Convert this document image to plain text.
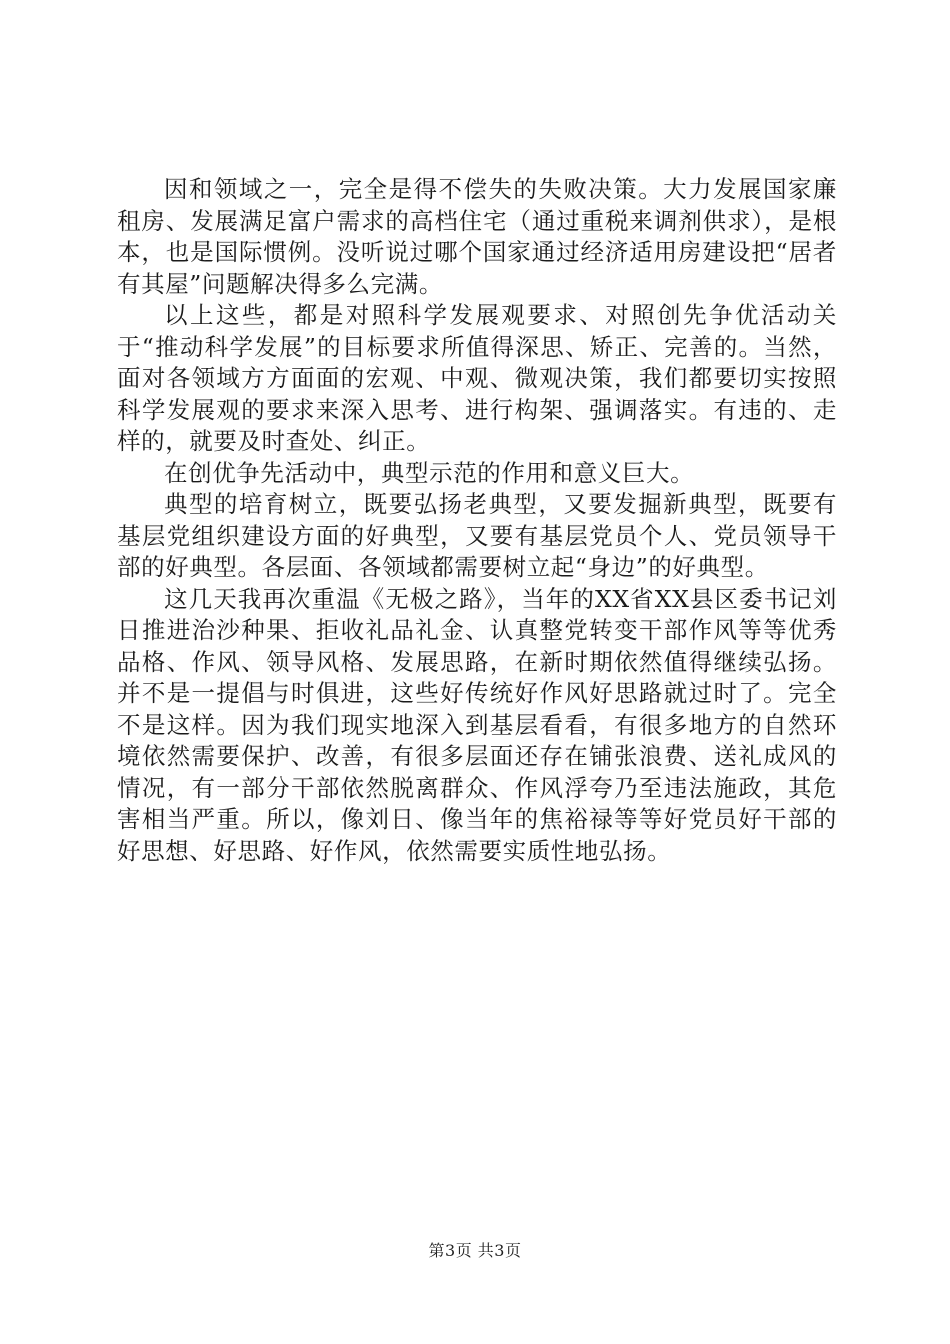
因和领域之一，完全是得不偿失的失败决策。大力发展国家廉租房、发展满足富户需求的高档住宅（通过重税来调剂供求），是根本，也是国际惯例。没听说过哪个国家通过经济适用房建设把“居者有其屋”问题解决得多么完满。

以上这些，都是对照科学发展观要求、对照创先争优活动关于“推动科学发展”的目标要求所值得深思、矫正、完善的。当然，面对各领域方方面面的宏观、中观、微观决策，我们都要切实按照科学发展观的要求来深入思考、进行构架、强调落实。有违的、走样的，就要及时查处、纠正。

在创优争先活动中，典型示范的作用和意义巨大。

典型的培育树立，既要弘扬老典型，又要发掘新典型，既要有基层党组织建设方面的好典型，又要有基层党员个人、党员领导干部的好典型。各层面、各领域都需要树立起“身边”的好典型。

这几天我再次重温《无极之路》，当年的XX省XX县区委书记刘日推进治沙种果、拒收礼品礼金、认真整党转变干部作风等等优秀品格、作风、领导风格、发展思路，在新时期依然值得继续弘扬。并不是一提倡与时俱进，这些好传统好作风好思路就过时了。完全不是这样。因为我们现实地深入到基层看看，有很多地方的自然环境依然需要保护、改善，有很多层面还存在铺张浪费、送礼成风的情况，有一部分干部依然脱离群众、作风浮夸乃至违法施政，其危害相当严重。所以，像刘日、像当年的焦裕禄等等好党员好干部的好思想、好思路、好作风，依然需要实质性地弘扬。

第3页 共3页
